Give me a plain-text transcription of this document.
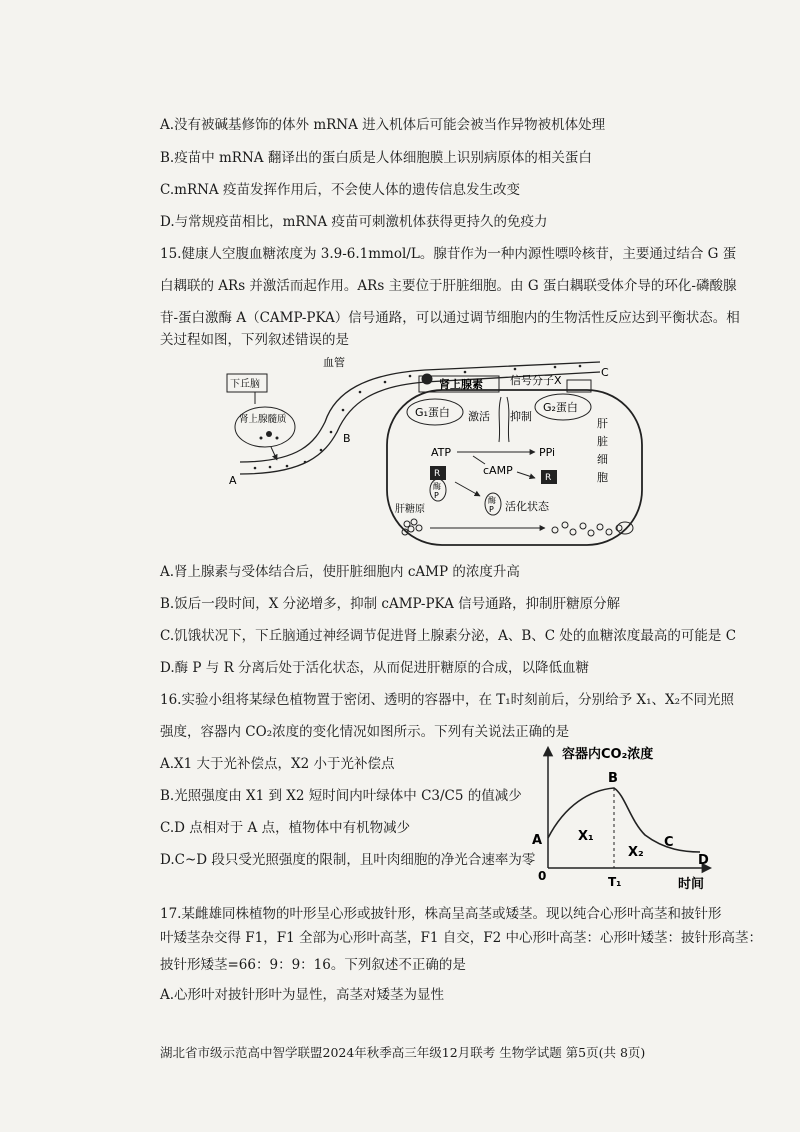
A.没有被碱基修饰的体外 mRNA 进入机体后可能会被当作异物被机体处理
B.疫苗中 mRNA 翻译出的蛋白质是人体细胞膜上识别病原体的相关蛋白
C.mRNA 疫苗发挥作用后，不会使人体的遗传信息发生改变
D.与常规疫苗相比，mRNA 疫苗可刺激机体获得更持久的免疫力
15.健康人空腹血糖浓度为 3.9-6.1mmol/L。腺苷作为一种内源性嘌呤核苷，主要通过结合 G 蛋
白耦联的 ARs 并激活而起作用。ARs 主要位于肝脏细胞。由 G 蛋白耦联受体介导的环化-磷酸腺
苷-蛋白激酶 A（CAMP-PKA）信号通路，可以通过调节细胞内的生物活性反应达到平衡状态。相
关过程如图，下列叙述错误的是
血管
A
B
C
下丘脑
肾上腺髓质
肾上腺素 信号分子X
G₁蛋白	G₂蛋白
激活 抑制
ATP	PPi
cAMP
R
酶
P
R
酶
P 活化状态
肝糖原
肝
脏
细
胞
A.肾上腺素与受体结合后，使肝脏细胞内 cAMP 的浓度升高
B.饭后一段时间，X 分泌增多，抑制 cAMP-PKA 信号通路，抑制肝糖原分解
C.饥饿状况下，下丘脑通过神经调节促进肾上腺素分泌，A、B、C 处的血糖浓度最高的可能是 C
D.酶 P 与 R 分离后处于活化状态，从而促进肝糖原的合成，以降低血糖
16.实验小组将某绿色植物置于密闭、透明的容器中，在 T₁时刻前后，分别给予 X₁、X₂不同光照
强度，容器内 CO₂浓度的变化情况如图所示。下列有关说法正确的是
A.X1 大于光补偿点，X2 小于光补偿点
B.光照强度由 X1 到 X2 短时间内叶绿体中 C3/C5 的值减少
C.D 点相对于 A 点，植物体中有机物减少
D.C~D 段只受光照强度的限制，且叶肉细胞的净光合速率为零
容器内CO₂浓度
时间
0	T₁
A
B
C
D
X₁
X₂
17.某雌雄同株植物的叶形呈心形或披针形，株高呈高茎或矮茎。现以纯合心形叶高茎和披针形
叶矮茎杂交得 F1，F1 全部为心形叶高茎，F1 自交，F2 中心形叶高茎：心形叶矮茎：披针形高茎：
披针形矮茎=66：9：9：16。下列叙述不正确的是
A.心形叶对披针形叶为显性，高茎对矮茎为显性
湖北省市级示范高中智学联盟2024年秋季高三年级12月联考 生物学试题 第5页(共 8页)
